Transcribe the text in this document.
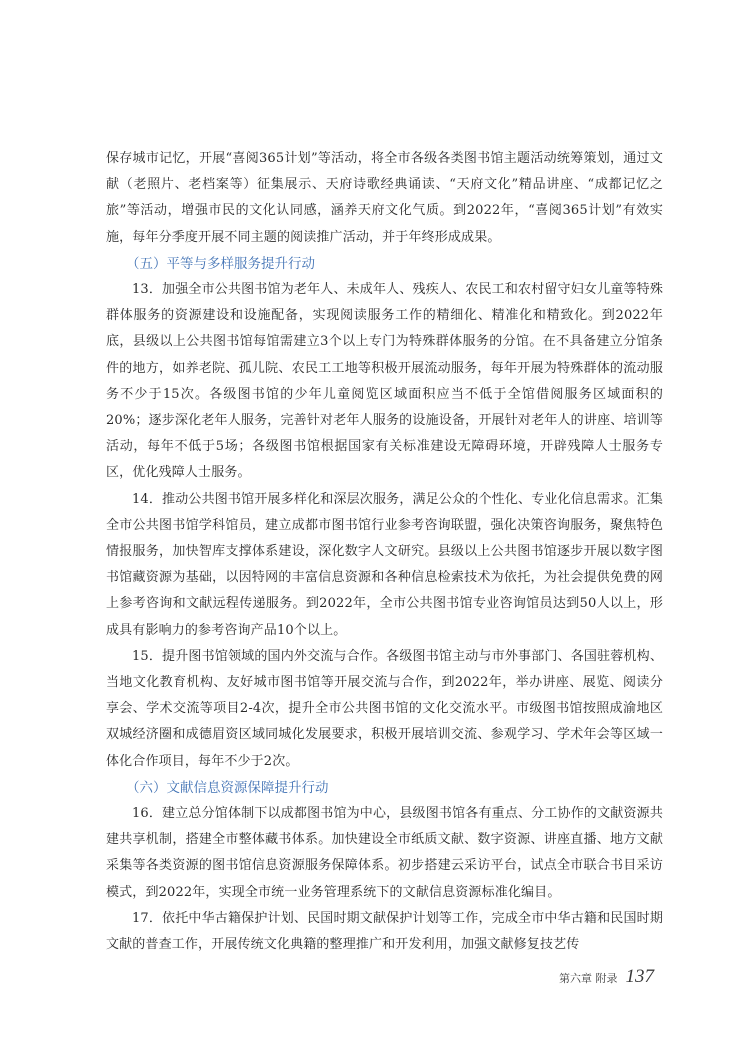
保存城市记忆，开展“喜阅365计划”等活动，将全市各级各类图书馆主题活动统筹策划，通过文献（老照片、老档案等）征集展示、天府诗歌经典诵读、“天府文化”精品讲座、“成都记忆之旅”等活动，增强市民的文化认同感，涵养天府文化气质。到2022年，“喜阅365计划”有效实施，每年分季度开展不同主题的阅读推广活动，并于年终形成成果。

（五）平等与多样服务提升行动

13．加强全市公共图书馆为老年人、未成年人、残疾人、农民工和农村留守妇女儿童等特殊群体服务的资源建设和设施配备，实现阅读服务工作的精细化、精准化和精致化。到2022年底，县级以上公共图书馆每馆需建立3个以上专门为特殊群体服务的分馆。在不具备建立分馆条件的地方，如养老院、孤儿院、农民工工地等积极开展流动服务，每年开展为特殊群体的流动服务不少于15次。各级图书馆的少年儿童阅览区域面积应当不低于全馆借阅服务区域面积的20%；逐步深化老年人服务，完善针对老年人服务的设施设备，开展针对老年人的讲座、培训等活动，每年不低于5场；各级图书馆根据国家有关标准建设无障碍环境，开辟残障人士服务专区，优化残障人士服务。

14．推动公共图书馆开展多样化和深层次服务，满足公众的个性化、专业化信息需求。汇集全市公共图书馆学科馆员，建立成都市图书馆行业参考咨询联盟，强化决策咨询服务，聚焦特色情报服务，加快智库支撑体系建设，深化数字人文研究。县级以上公共图书馆逐步开展以数字图书馆藏资源为基础，以因特网的丰富信息资源和各种信息检索技术为依托，为社会提供免费的网上参考咨询和文献远程传递服务。到2022年，全市公共图书馆专业咨询馆员达到50人以上，形成具有影响力的参考咨询产品10个以上。

15．提升图书馆领域的国内外交流与合作。各级图书馆主动与市外事部门、各国驻蓉机构、当地文化教育机构、友好城市图书馆等开展交流与合作，到2022年，举办讲座、展览、阅读分享会、学术交流等项目2-4次，提升全市公共图书馆的文化交流水平。市级图书馆按照成渝地区双城经济圈和成德眉资区域同城化发展要求，积极开展培训交流、参观学习、学术年会等区域一体化合作项目，每年不少于2次。

（六）文献信息资源保障提升行动

16．建立总分馆体制下以成都图书馆为中心，县级图书馆各有重点、分工协作的文献资源共建共享机制，搭建全市整体藏书体系。加快建设全市纸质文献、数字资源、讲座直播、地方文献采集等各类资源的图书馆信息资源服务保障体系。初步搭建云采访平台，试点全市联合书目采访模式，到2022年，实现全市统一业务管理系统下的文献信息资源标准化编目。

17．依托中华古籍保护计划、民国时期文献保护计划等工作，完成全市中华古籍和民国时期文献的普查工作，开展传统文化典籍的整理推广和开发利用，加强文献修复技艺传

第六章 附录 137
